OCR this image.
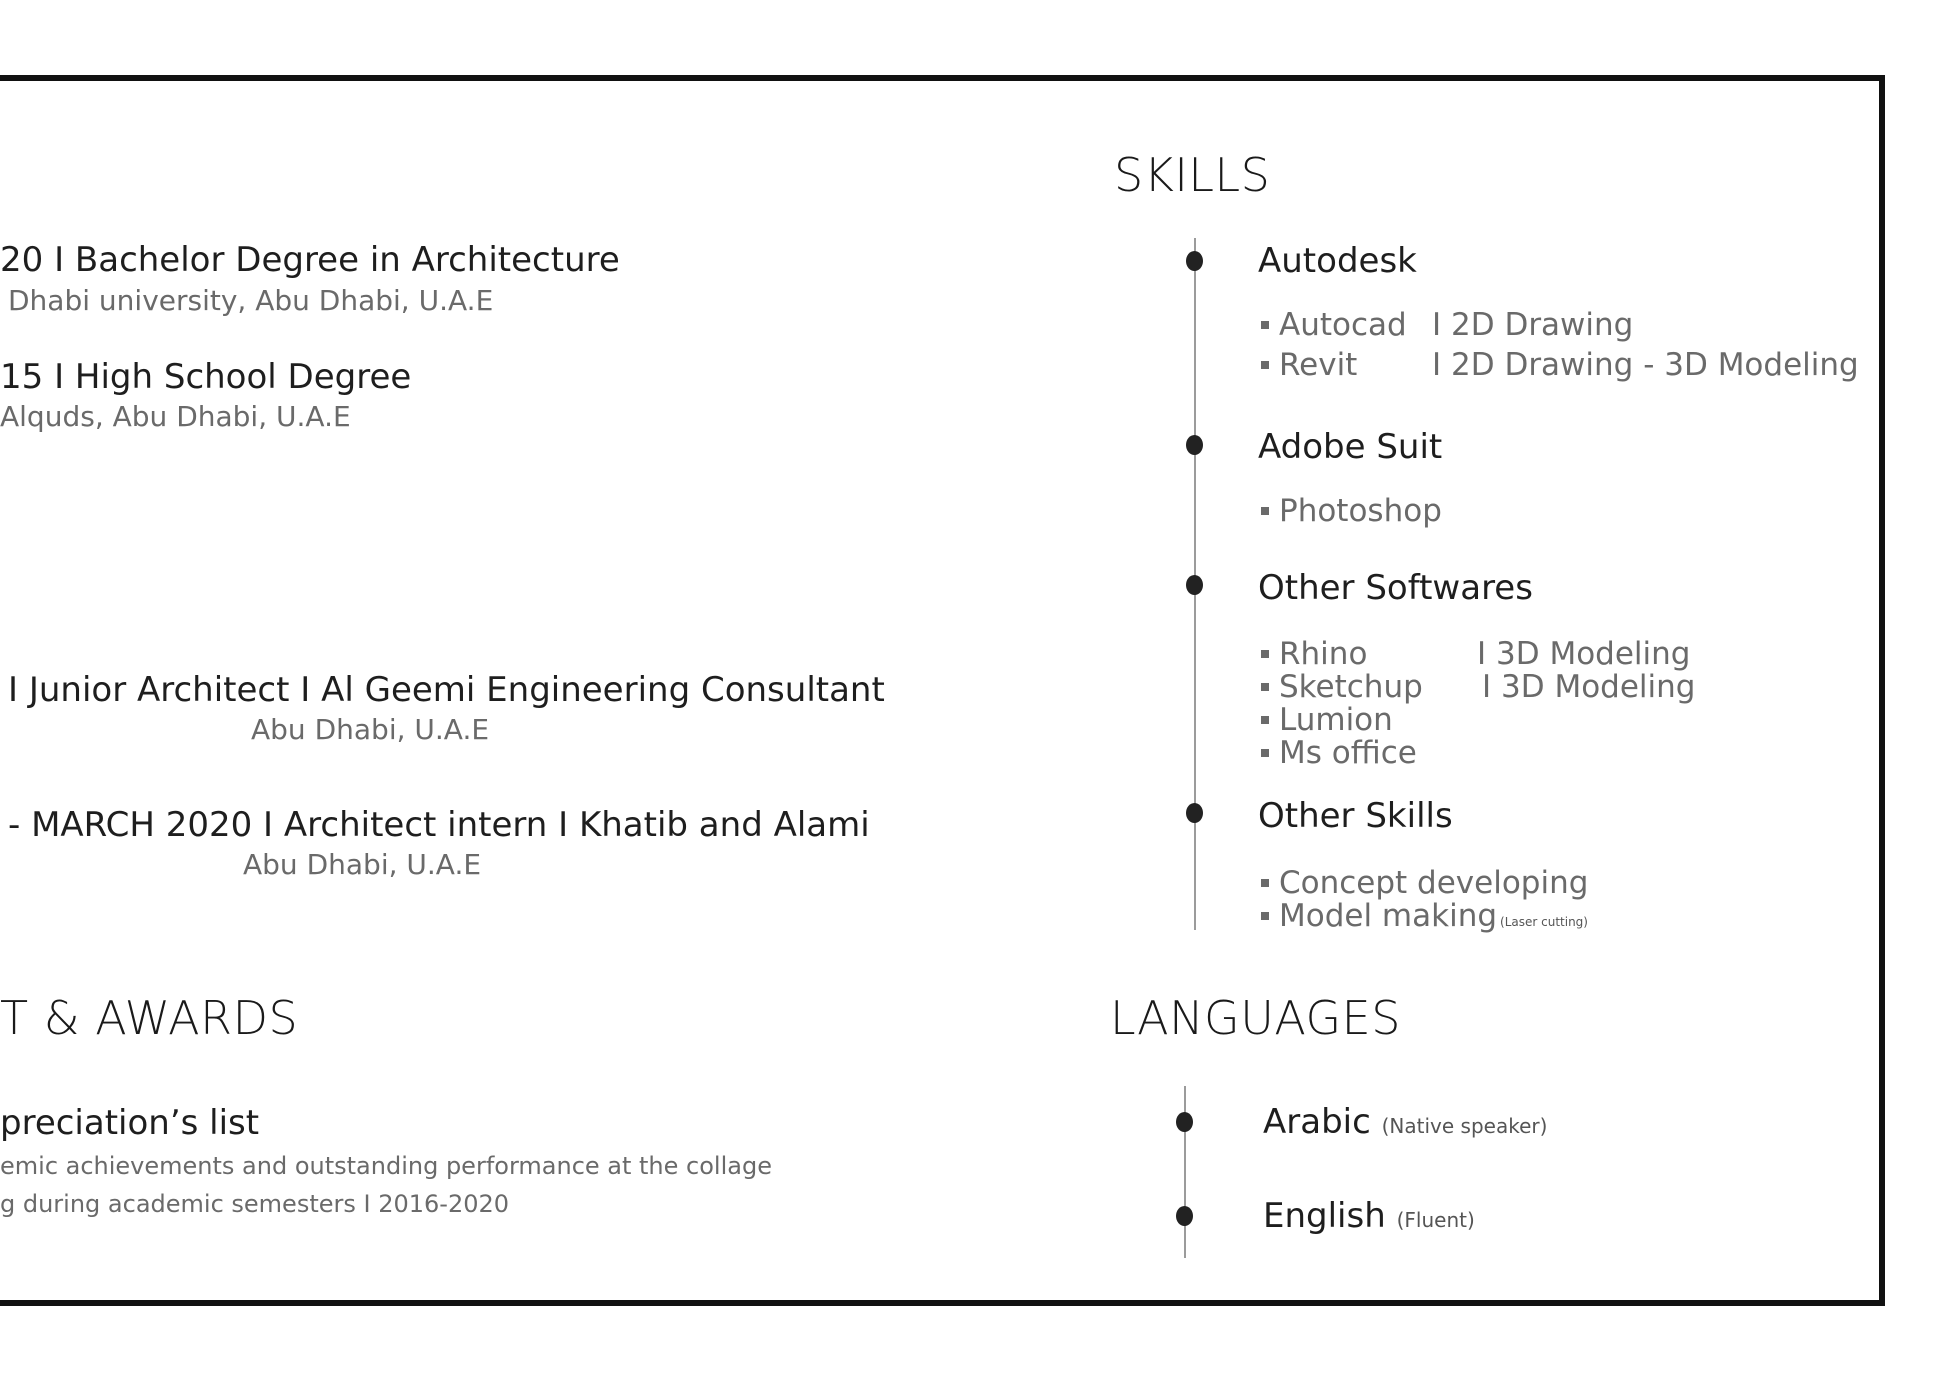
20 I Bachelor Degree in Architecture
Dhabi university, Abu Dhabi, U.A.E
15 I High School Degree
Alquds, Abu Dhabi, U.A.E
I Junior Architect I Al Geemi Engineering Consultant
Abu Dhabi, U.A.E
- MARCH 2020 I Architect intern I Khatib and Alami
Abu Dhabi, U.A.E
T & AWARDS
preciation’s list
emic achievements and outstanding performance at the collage
g during academic semesters I 2016-2020
SKILLS
Autodesk
Autocad I 2D Drawing
Revit I 2D Drawing - 3D Modeling
Adobe Suit
Photoshop
Other Softwares
Rhino	I 3D Modeling
Sketchup I 3D Modeling
Lumion
Ms office
Other Skills
Concept developing
Model making (Laser cutting)
LANGUAGES
Arabic (Native speaker)
English (Fluent)
